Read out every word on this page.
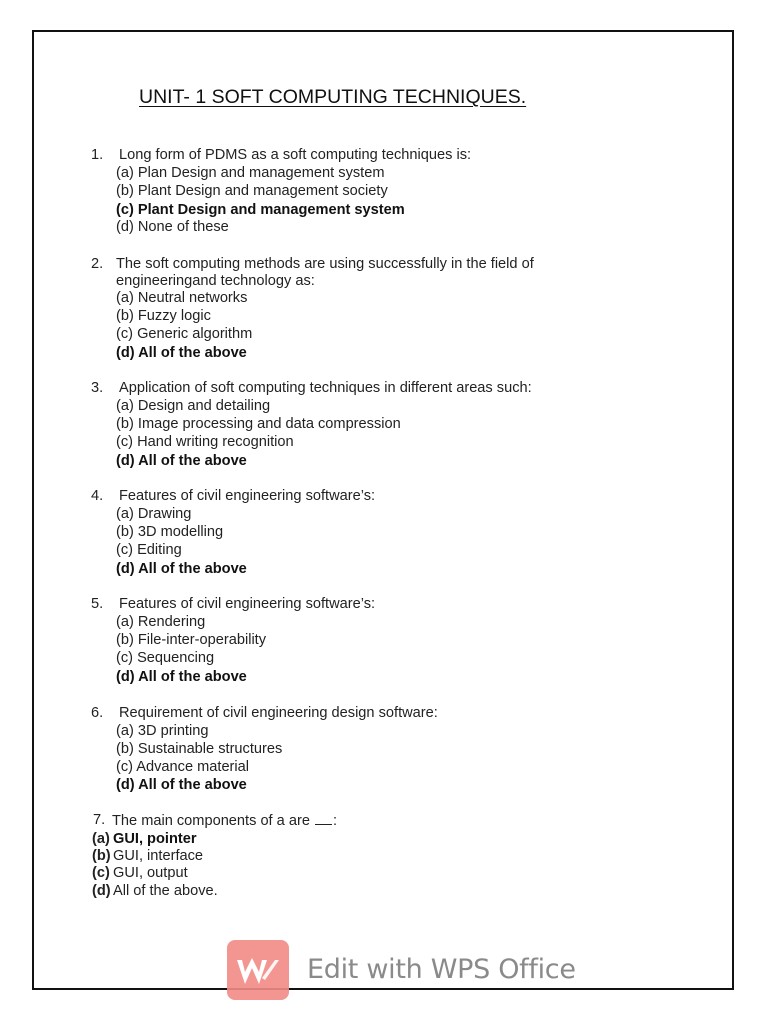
UNIT- 1 SOFT COMPUTING TECHNIQUES.
1. Long form of PDMS as a soft computing techniques is:
(a) Plan Design and management system
(b) Plant Design and management society
(c) Plant Design and management system
(d) None of these
2. The soft computing methods are using successfully in the field of
engineeringand technology as:
(a) Neutral networks
(b) Fuzzy logic
(c) Generic algorithm
(d) All of the above
3. Application of soft computing techniques in different areas such:
(a) Design and detailing
(b) Image processing and data compression
(c) Hand writing recognition
(d) All of the above
4. Features of civil engineering software’s:
(a) Drawing
(b) 3D modelling
(c) Editing
(d) All of the above
5. Features of civil engineering software’s:
(a) Rendering
(b) File-inter-operability
(c) Sequencing
(d) All of the above
6. Requirement of civil engineering design software:
(a) 3D printing
(b) Sustainable structures
(c) Advance material
(d) All of the above
7. The main components of a are :
(a) GUI, pointer
(b) GUI, interface
(c) GUI, output
(d) All of the above.
Edit with WPS Office
